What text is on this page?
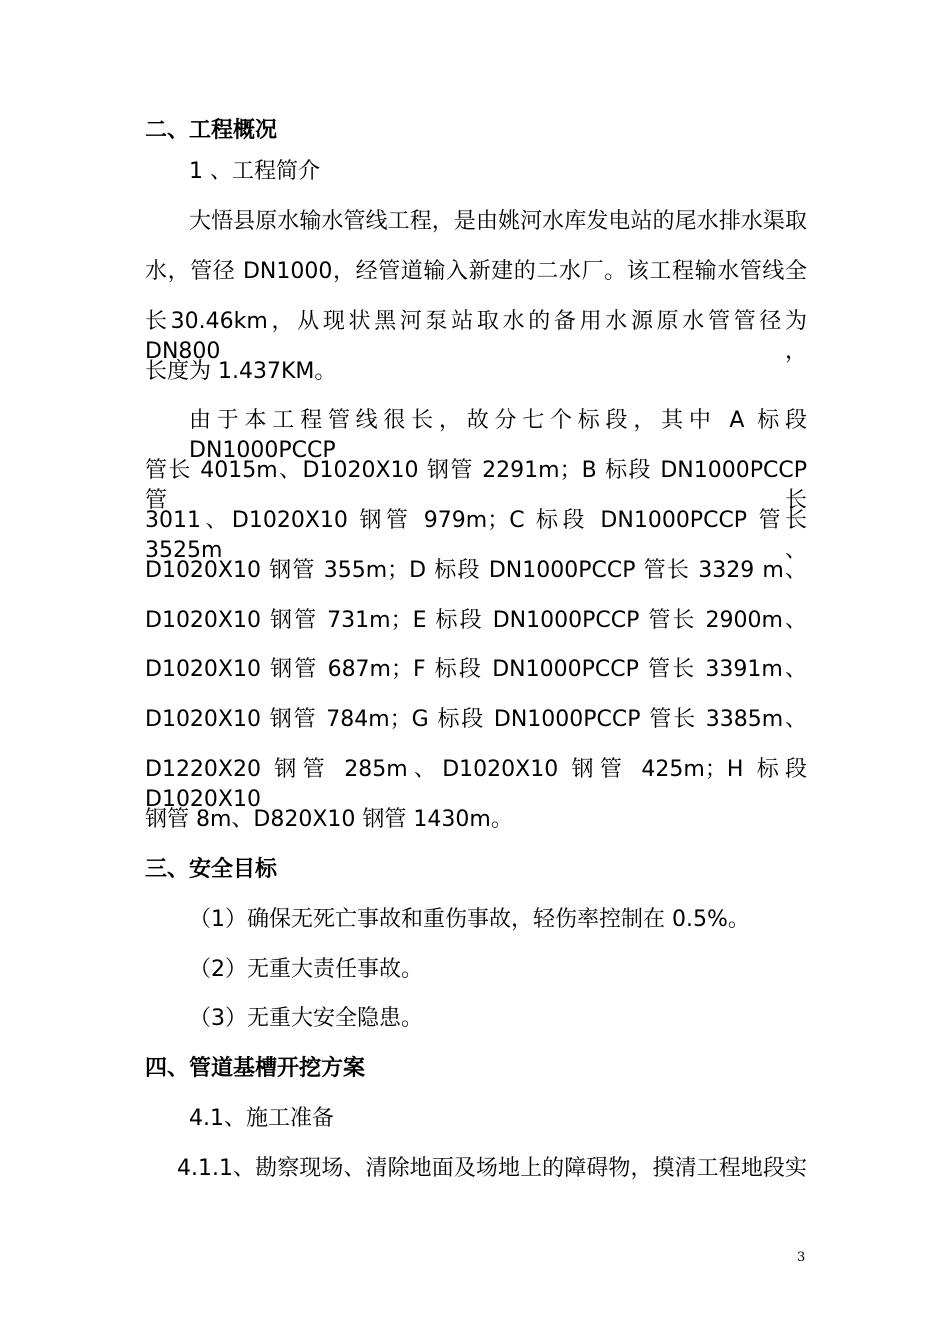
二、工程概况
1 、工程简介
大悟县原水输水管线工程，是由姚河水库发电站的尾水排水渠取
水，管径 DN1000，经管道输入新建的二水厂。该工程输水管线全
长30.46km，从现状黑河泵站取水的备用水源原水管管径为DN800，
长度为 1.437KM。
由于本工程管线很长，故分七个标段，其中 A 标段 DN1000PCCP
管长 4015m、D1020X10 钢管 2291m；B 标段 DN1000PCCP 管长
3011、D1020X10 钢管 979m；C 标段 DN1000PCCP 管长 3525m、
D1020X10 钢管 355m；D 标段 DN1000PCCP 管长 3329 m、
D1020X10 钢管 731m；E 标段 DN1000PCCP 管长 2900m、
D1020X10 钢管 687m；F 标段 DN1000PCCP 管长 3391m、
D1020X10 钢管 784m；G 标段 DN1000PCCP 管长 3385m、
D1220X20 钢管 285m、D1020X10 钢管 425m；H 标段 D1020X10
钢管 8m、D820X10 钢管 1430m。
三、安全目标
（1）确保无死亡事故和重伤事故，轻伤率控制在 0.5%。
（2）无重大责任事故。
（3）无重大安全隐患。
四、管道基槽开挖方案
4.1、施工准备
4.1.1、勘察现场、清除地面及场地上的障碍物，摸清工程地段实
3
